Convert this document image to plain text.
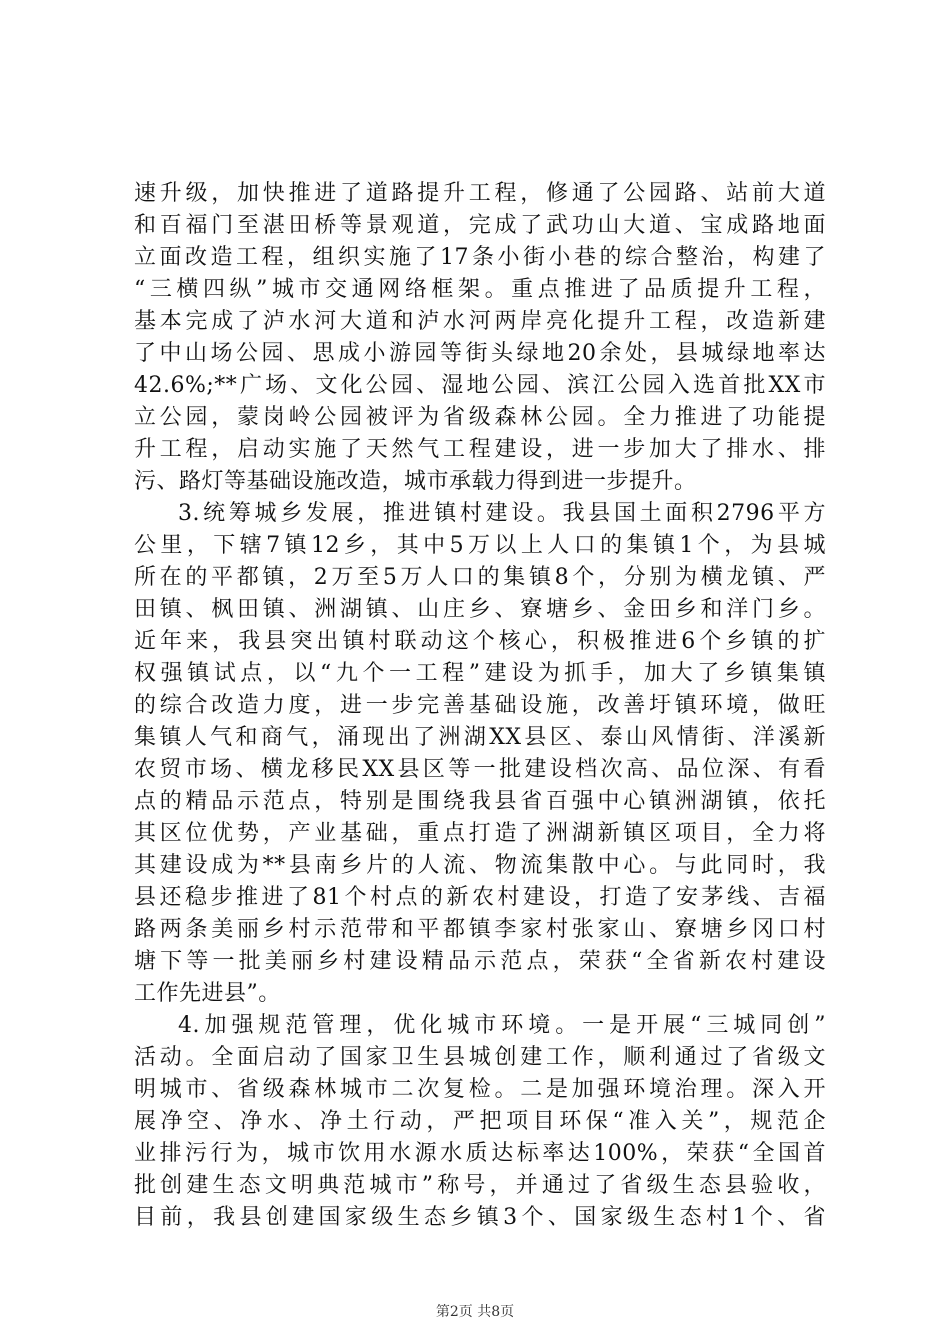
速升级，加快推进了道路提升工程，修通了公园路、站前大道
和百福门至湛田桥等景观道，完成了武功山大道、宝成路地面
立面改造工程，组织实施了17条小街小巷的综合整治，构建了
“三横四纵”城市交通网络框架。重点推进了品质提升工程，
基本完成了泸水河大道和泸水河两岸亮化提升工程，改造新建
了中山场公园、思成小游园等街头绿地20余处，县城绿地率达
42.6%;**广场、文化公园、湿地公园、滨江公园入选首批XX市
立公园，蒙岗岭公园被评为省级森林公园。全力推进了功能提
升工程，启动实施了天然气工程建设，进一步加大了排水、排
污、路灯等基础设施改造，城市承载力得到进一步提升。
3.统筹城乡发展，推进镇村建设。我县国土面积2796平方
公里，下辖7镇12乡，其中5万以上人口的集镇1个，为县城
所在的平都镇，2万至5万人口的集镇8个，分别为横龙镇、严
田镇、枫田镇、洲湖镇、山庄乡、寮塘乡、金田乡和洋门乡。
近年来，我县突出镇村联动这个核心，积极推进6个乡镇的扩
权强镇试点，以“九个一工程”建设为抓手，加大了乡镇集镇
的综合改造力度，进一步完善基础设施，改善圩镇环境，做旺
集镇人气和商气，涌现出了洲湖XX县区、泰山风情街、洋溪新
农贸市场、横龙移民XX县区等一批建设档次高、品位深、有看
点的精品示范点，特别是围绕我县省百强中心镇洲湖镇，依托
其区位优势，产业基础，重点打造了洲湖新镇区项目，全力将
其建设成为**县南乡片的人流、物流集散中心。与此同时，我
县还稳步推进了81个村点的新农村建设，打造了安茅线、吉福
路两条美丽乡村示范带和平都镇李家村张家山、寮塘乡冈口村
塘下等一批美丽乡村建设精品示范点，荣获“全省新农村建设
工作先进县”。
4.加强规范管理，优化城市环境。一是开展“三城同创”
活动。全面启动了国家卫生县城创建工作，顺利通过了省级文
明城市、省级森林城市二次复检。二是加强环境治理。深入开
展净空、净水、净土行动，严把项目环保“准入关”，规范企
业排污行为，城市饮用水源水质达标率达100%，荣获“全国首
批创建生态文明典范城市”称号，并通过了省级生态县验收，
目前，我县创建国家级生态乡镇3个、国家级生态村1个、省
第2页 共8页
